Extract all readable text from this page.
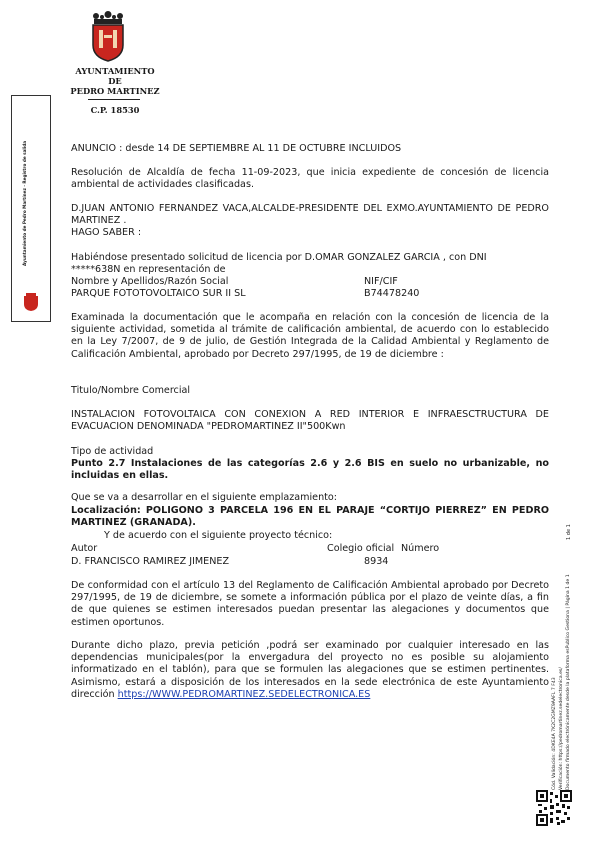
AYUNTAMIENTO
DE
PEDRO MARTINEZ
C.P. 18530
Ayuntamiento de Pedro Martínez · Registro de salida	ANUNCIO : desde 14 DE SEPTIEMBRE AL 11 DE OCTUBRE INCLUIDOS

Resolución de Alcaldía de fecha 11-09-2023, que inicia expediente de concesión de licencia ambiental de actividades clasificadas.

D.JUAN ANTONIO FERNANDEZ VACA,ALCALDE-PRESIDENTE DEL EXMO.AYUNTAMIENTO DE PEDRO MARTINEZ .

HAGO SABER :

Habiéndose presentado solicitud de licencia por D.OMAR GONZALEZ GARCIA , con DNI

*****638N en representación de

Nombre y Apellidos/Razón Social	NIF/CIF
PARQUE FOTOTOVOLTAICO SUR II SL	B74478240

Examinada la documentación que le acompaña en relación con la concesión de licencia de la siguiente actividad, sometida al trámite de calificación ambiental, de acuerdo con lo establecido en la Ley 7/2007, de 9 de julio, de Gestión Integrada de la Calidad Ambiental y Reglamento de Calificación Ambiental, aprobado por Decreto 297/1995, de 19 de diciembre :

Titulo/Nombre Comercial

INSTALACION FOTOVOLTAICA CON CONEXION A RED INTERIOR E INFRAESCTRUCTURA DE EVACUACION DENOMINADA "PEDROMARTINEZ II"500Kwn

Tipo de actividad

Punto 2.7 Instalaciones de las categorías 2.6 y 2.6 BIS en suelo no urbanizable, no incluidas en ellas.

Que se va a desarrollar en el siguiente emplazamiento:

Localización: POLIGONO 3 PARCELA 196 EN EL PARAJE “CORTIJO PIERREZ” EN PEDRO MARTINEZ (GRANADA).

Y de acuerdo con el siguiente proyecto técnico:
Autor	Colegio oficial Número
D. FRANCISCO RAMIREZ JIMENEZ	8934

De conformidad con el artículo 13 del Reglamento de Calificación Ambiental aprobado por Decreto 297/1995, de 19 de diciembre, se somete a información pública por el plazo de veinte días, a fin de que quienes se estimen interesados puedan presentar las alegaciones y documentos que estimen oportunos.

Durante dicho plazo, previa petición ,podrá ser examinado por cualquier interesado en las dependencias municipales(por la envergadura del proyecto no es posible su alojamiento informatizado en el tablón), para que se formulen las alegaciones que se estimen pertinentes. Asimismo, estará a disposición de los interesados en la sede electrónica de este Ayuntamiento dirección https://WWW.PEDROMARTINEZ.SEDELECTRONICA.ES	Cód. Validación: 4DKE4A 7K2C2GMZ9AAFL 7 F43 Verificación: https://pedromartinez.sedelectronica.es/ Documento firmado electrónicamente desde la plataforma esPublico Gestiona | Página 1 de 1
1 de 1
